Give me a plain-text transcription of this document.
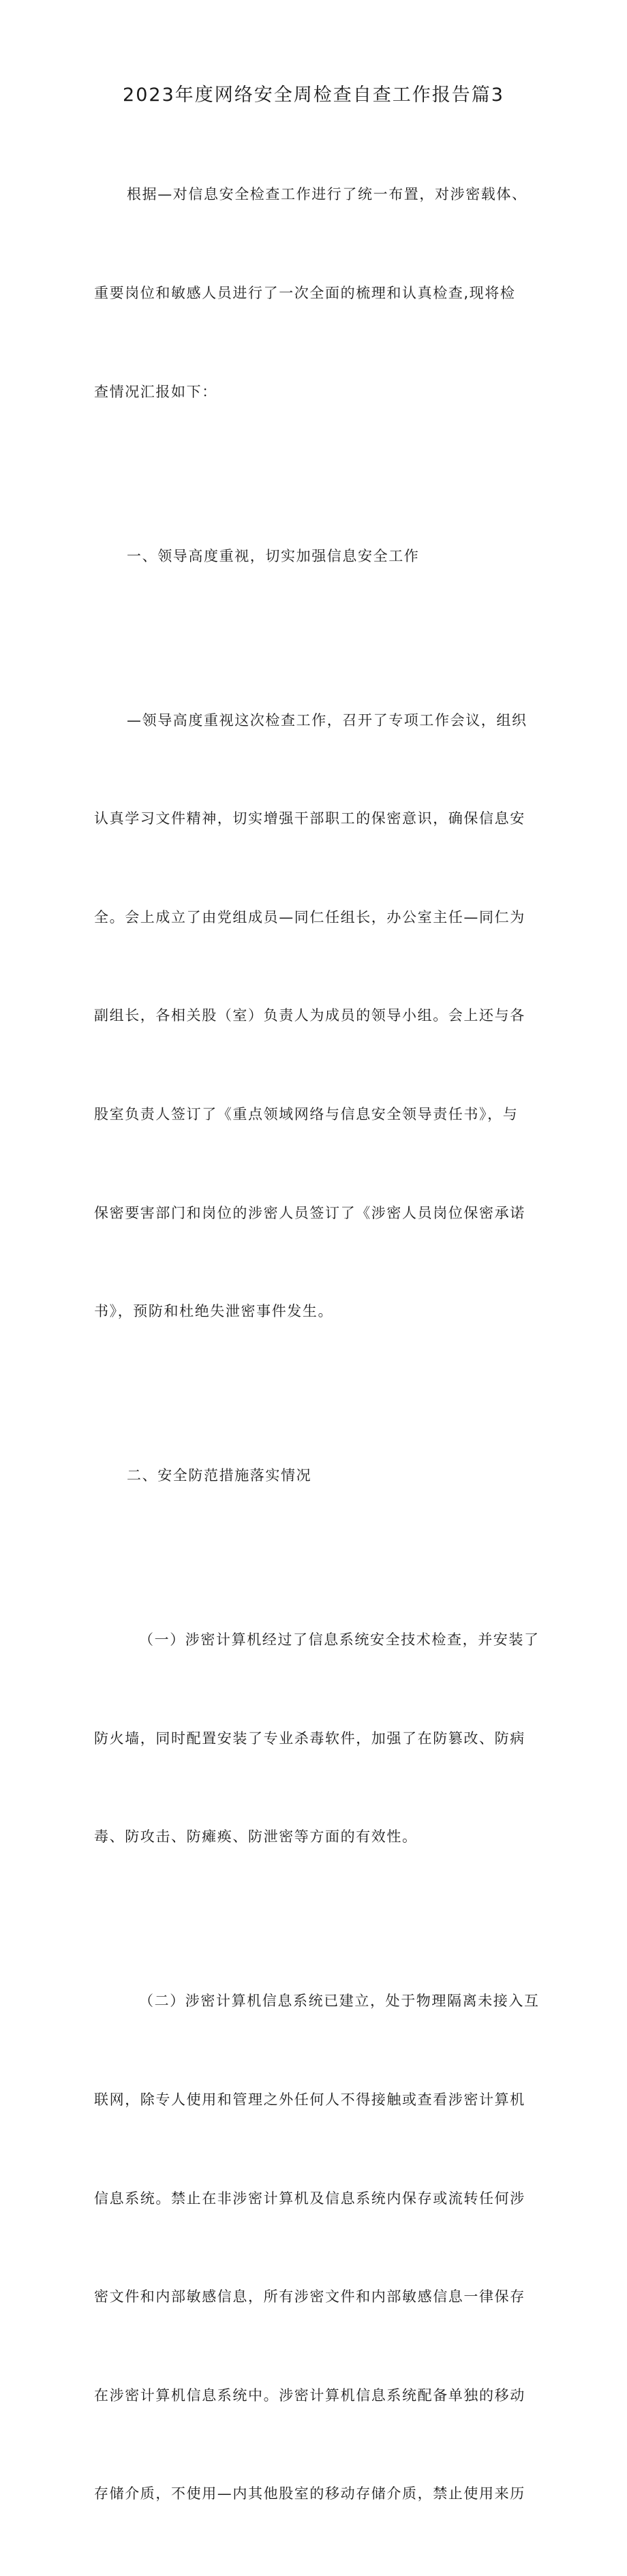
2023年度网络安全周检查自查工作报告篇3

根据—对信息安全检查工作进行了统一布置，对涉密载体、

重要岗位和敏感人员进行了一次全面的梳理和认真检查,现将检

查情况汇报如下：

一、领导高度重视，切实加强信息安全工作

—领导高度重视这次检查工作，召开了专项工作会议，组织

认真学习文件精神，切实增强干部职工的保密意识，确保信息安

全。会上成立了由党组成员—同仁任组长，办公室主任—同仁为

副组长，各相关股（室）负责人为成员的领导小组。会上还与各

股室负责人签订了《重点领域网络与信息安全领导责任书》，与

保密要害部门和岗位的涉密人员签订了《涉密人员岗位保密承诺

书》，预防和杜绝失泄密事件发生。

二、安全防范措施落实情况

（一）涉密计算机经过了信息系统安全技术检查，并安装了

防火墙，同时配置安装了专业杀毒软件，加强了在防篡改、防病

毒、防攻击、防瘫痪、防泄密等方面的有效性。

（二）涉密计算机信息系统已建立，处于物理隔离未接入互

联网，除专人使用和管理之外任何人不得接触或查看涉密计算机

信息系统。禁止在非涉密计算机及信息系统内保存或流转任何涉

密文件和内部敏感信息，所有涉密文件和内部敏感信息一律保存

在涉密计算机信息系统中。涉密计算机信息系统配备单独的移动

存储介质，不使用—内其他股室的移动存储介质，禁止使用来历
